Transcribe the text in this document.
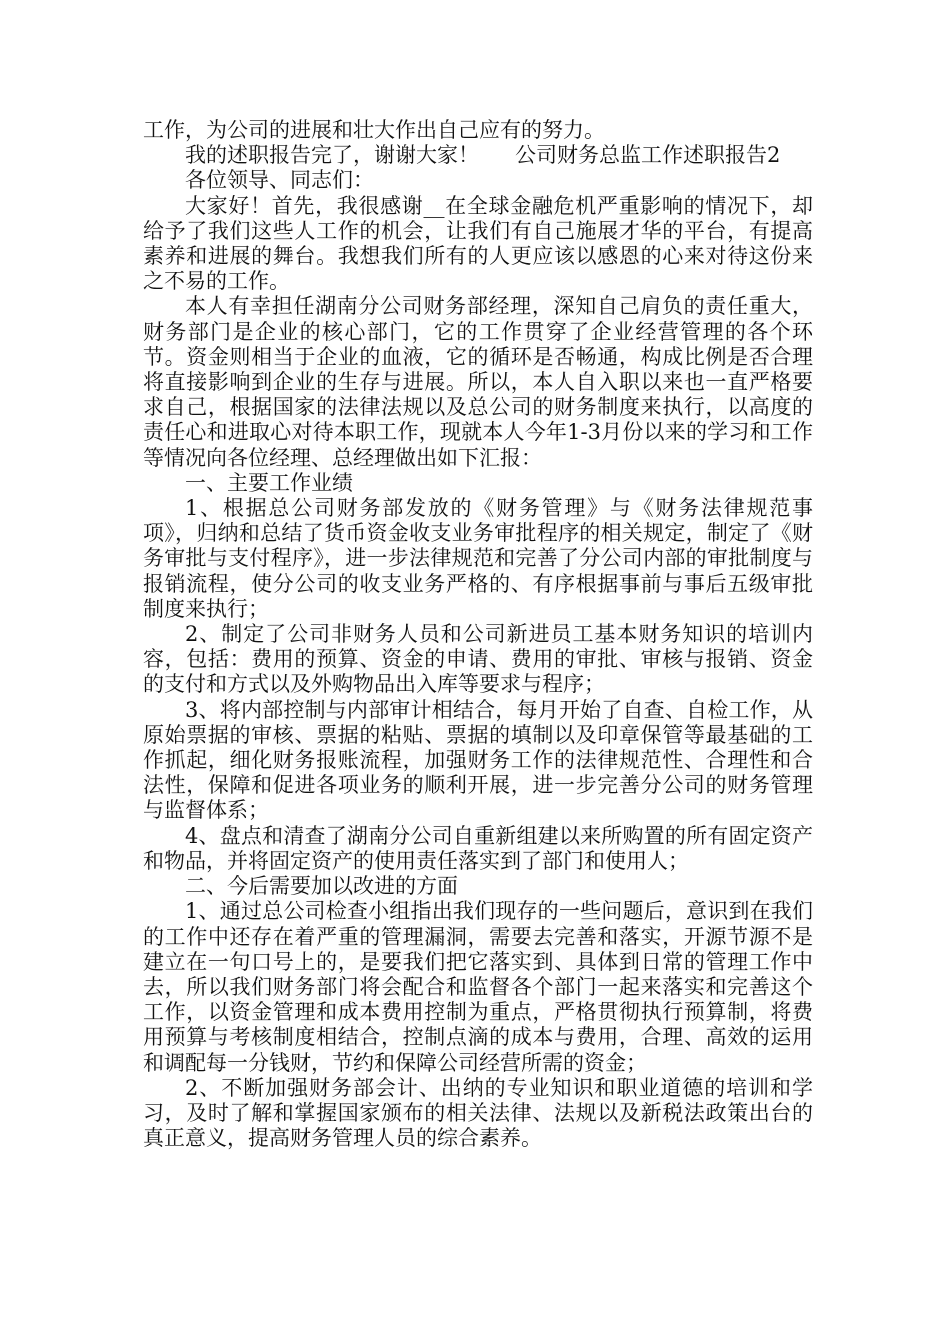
工作，为公司的进展和壮大作出自己应有的努力。

我的述职报告完了，谢谢大家！ 公司财务总监工作述职报告2

各位领导、同志们：

大家好！首先，我很感谢__在全球金融危机严重影响的情况下，却给予了我们这些人工作的机会，让我们有自己施展才华的平台，有提高素养和进展的舞台。我想我们所有的人更应该以感恩的心来对待这份来之不易的工作。

本人有幸担任湖南分公司财务部经理，深知自己肩负的责任重大，财务部门是企业的核心部门，它的工作贯穿了企业经营管理的各个环节。资金则相当于企业的血液，它的循环是否畅通，构成比例是否合理将直接影响到企业的生存与进展。所以，本人自入职以来也一直严格要求自己，根据国家的法律法规以及总公司的财务制度来执行，以高度的责任心和进取心对待本职工作，现就本人今年1-3月份以来的学习和工作等情况向各位经理、总经理做出如下汇报：

一、主要工作业绩

1、根据总公司财务部发放的《财务管理》与《财务法律规范事项》，归纳和总结了货币资金收支业务审批程序的相关规定，制定了《财务审批与支付程序》，进一步法律规范和完善了分公司内部的审批制度与报销流程，使分公司的收支业务严格的、有序根据事前与事后五级审批制度来执行；

2、制定了公司非财务人员和公司新进员工基本财务知识的培训内容，包括：费用的预算、资金的申请、费用的审批、审核与报销、资金的支付和方式以及外购物品出入库等要求与程序；

3、将内部控制与内部审计相结合，每月开始了自查、自检工作，从原始票据的审核、票据的粘贴、票据的填制以及印章保管等最基础的工作抓起，细化财务报账流程，加强财务工作的法律规范性、合理性和合法性，保障和促进各项业务的顺利开展，进一步完善分公司的财务管理与监督体系；

4、盘点和清查了湖南分公司自重新组建以来所购置的所有固定资产和物品，并将固定资产的使用责任落实到了部门和使用人；

二、今后需要加以改进的方面

1、通过总公司检查小组指出我们现存的一些问题后，意识到在我们的工作中还存在着严重的管理漏洞，需要去完善和落实，开源节源不是建立在一句口号上的，是要我们把它落实到、具体到日常的管理工作中去，所以我们财务部门将会配合和监督各个部门一起来落实和完善这个工作，以资金管理和成本费用控制为重点，严格贯彻执行预算制，将费用预算与考核制度相结合，控制点滴的成本与费用，合理、高效的运用和调配每一分钱财，节约和保障公司经营所需的资金；

2、不断加强财务部会计、出纳的专业知识和职业道德的培训和学习，及时了解和掌握国家颁布的相关法律、法规以及新税法政策出台的真正意义，提高财务管理人员的综合素养。
